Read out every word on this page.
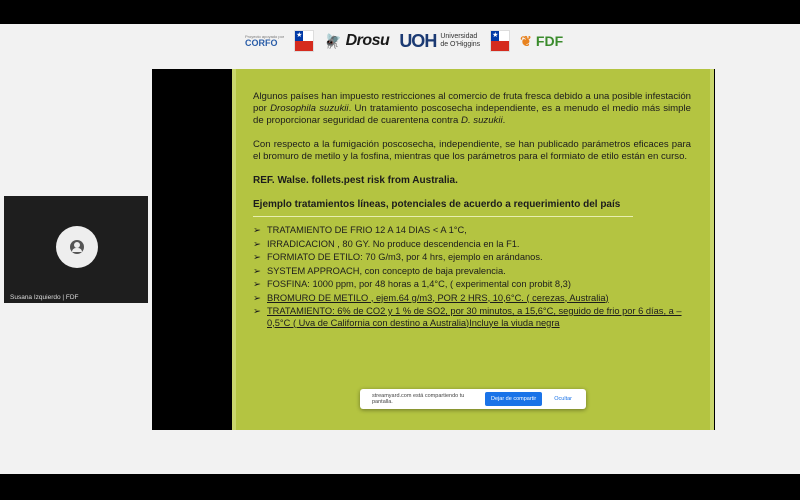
Proyecto apoyado por
CORFO
★ 🪰 Drosu UOH Universidad
de O'Higgins
★ ❦ FDF

Algunos países han impuesto restricciones al comercio de fruta fresca debido a una posible infestación por Drosophila suzukii. Un tratamiento poscosecha independiente, es a menudo el medio más simple de proporcionar seguridad de cuarentena contra D. suzukii.

Con respecto a la fumigación poscosecha, independiente, se han publicado parámetros eficaces para el bromuro de metilo y la fosfina, mientras que los parámetros para el formiato de etilo están en curso.

REF. Walse. follets.pest risk from Australia.

Ejemplo tratamientos líneas, potenciales de acuerdo a requerimiento del país

➢ TRATAMIENTO DE FRIO 12 A 14 DIAS < A 1°C,
➢ IRRADICACION , 80 GY. No produce descendencia en la F1.
➢ FORMIATO DE ETILO: 70 G/m3, por 4 hrs, ejemplo en arándanos.
➢ SYSTEM APPROACH, con concepto de baja prevalencia.
➢ FOSFINA: 1000 ppm, por 48 horas a 1,4°C, ( experimental con probit 8,3)
➢ BROMURO DE METILO , ejem.64 g/m3, POR 2 HRS, 10,6°C. ( cerezas, Australia)
➢ TRATAMIENTO: 6% de CO2 y 1 % de SO2, por 30 minutos, a 15,6°C, seguido de frio por 6 días, a – 0,5°C ( Uva de California con destino a Australia)Incluye la viuda negra
streamyard.com está compartiendo tu pantalla.	Dejar de compartir	Ocultar
Susana Izquierdo | FDF
